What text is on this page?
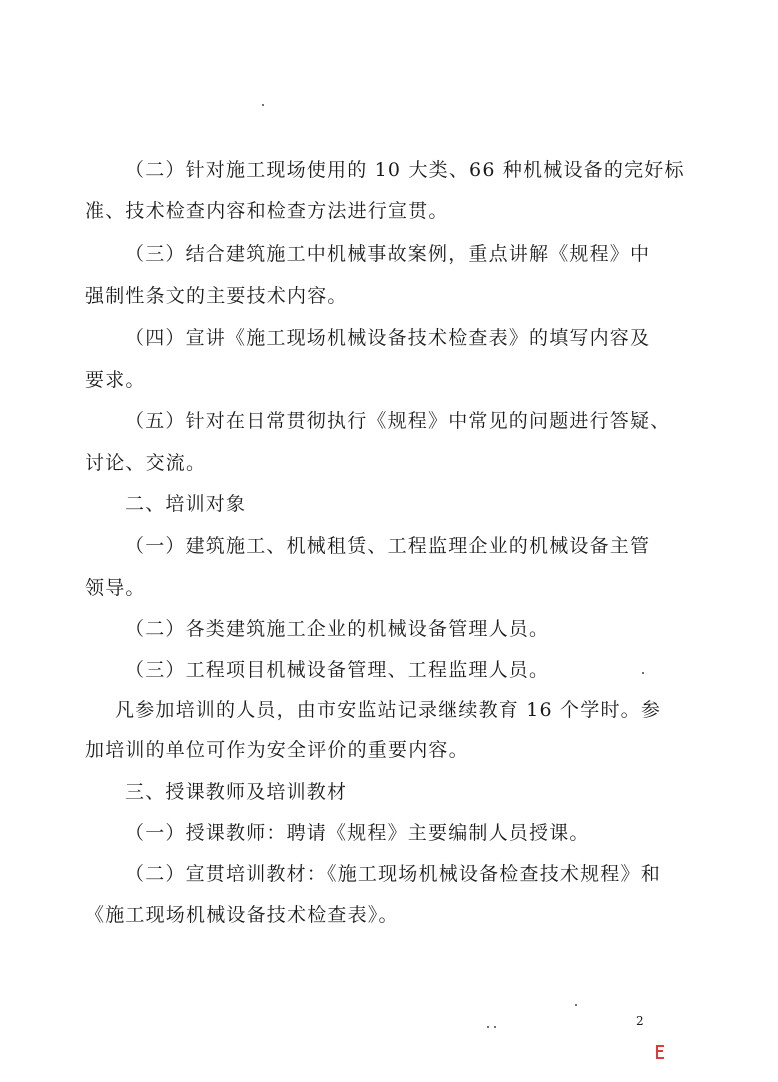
（二）针对施工现场使用的 10 大类、66 种机械设备的完好标
准、技术检查内容和检查方法进行宣贯。
（三）结合建筑施工中机械事故案例，重点讲解《规程》中
强制性条文的主要技术内容。
（四）宣讲《施工现场机械设备技术检查表》的填写内容及
要求。
（五）针对在日常贯彻执行《规程》中常见的问题进行答疑、
讨论、交流。
二、培训对象
（一）建筑施工、机械租赁、工程监理企业的机械设备主管
领导。
（二）各类建筑施工企业的机械设备管理人员。
（三）工程项目机械设备管理、工程监理人员。
凡参加培训的人员，由市安监站记录继续教育 16 个学时。参
加培训的单位可作为安全评价的重要内容。
三、授课教师及培训教材
（一）授课教师：聘请《规程》主要编制人员授课。
（二）宣贯培训教材：《施工现场机械设备检查技术规程》和
《施工现场机械设备技术检查表》。
2
